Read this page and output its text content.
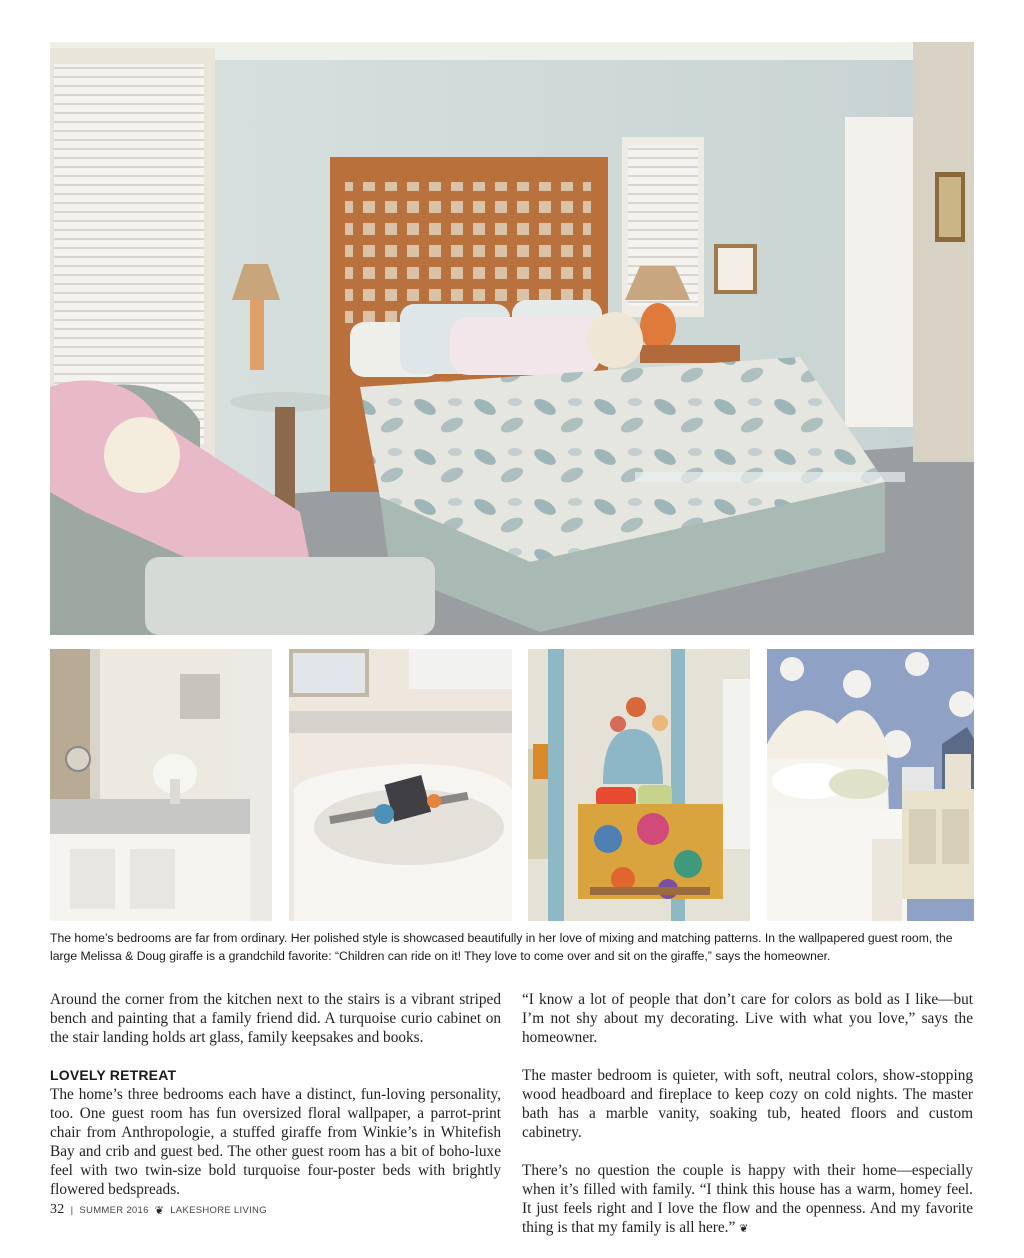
The home’s bedrooms are far from ordinary. Her polished style is showcased beautifully in her love of mixing and matching patterns. In the wallpapered guest room, the large Melissa & Doug giraffe is a grandchild favorite: “Children can ride on it! They love to come over and sit on the giraffe,” says the homeowner.

Around the corner from the kitchen next to the stairs is a vibrant striped bench and painting that a family friend did. A turquoise curio cabinet on the stair landing holds art glass, family keepsakes and books.

LOVELY RETREAT

The home’s three bedrooms each have a distinct, fun-loving personality, too. One guest room has fun oversized floral wallpaper, a parrot-print chair from Anthropologie, a stuffed giraffe from Winkie’s in Whitefish Bay and crib and guest bed. The other guest room has a bit of boho-luxe feel with two twin-size bold turquoise four-poster beds with brightly flowered bedspreads.

“I know a lot of people that don’t care for colors as bold as I like—but I’m not shy about my decorating. Live with what you love,” says the homeowner.

The master bedroom is quieter, with soft, neutral colors, show-stopping wood headboard and fireplace to keep cozy on cold nights. The master bath has a marble vanity, soaking tub, heated floors and custom cabinetry.

There’s no question the couple is happy with their home—especially when it’s filled with family. “I think this house has a warm, homey feel. It just feels right and I love the flow and the openness. And my favorite thing is that my family is all here.” ❦

32 | SUMMER 2016 ❦ LAKESHORE LIVING
